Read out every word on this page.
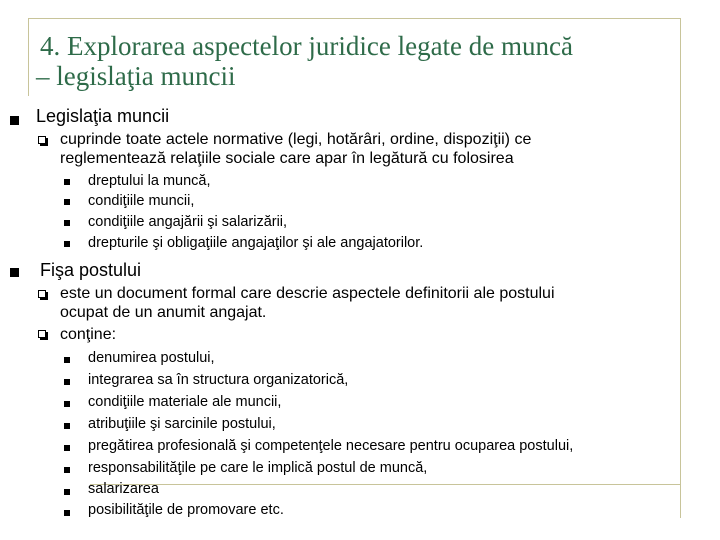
4. Explorarea aspectelor juridice legate de muncă
– legislaţia muncii
Legislaţia muncii
cuprinde toate actele normative (legi, hotărâri, ordine, dispoziţii) ce
reglementează relaţiile sociale care apar în legătură cu folosirea
dreptului la muncă,
condiţiile muncii,
condiţiile angajării şi salarizării,
drepturile şi obligaţiile angajaţilor şi ale angajatorilor.
Fişa postului
este un document formal care descrie aspectele definitorii ale postului
ocupat de un anumit angajat.
conţine:
denumirea postului,
integrarea sa în structura organizatorică,
condiţiile materiale ale muncii,
atribuţiile şi sarcinile postului,
pregătirea profesională şi competenţele necesare pentru ocuparea postului,
responsabilităţile pe care le implică postul de muncă,
salarizarea
posibilităţile de promovare etc.
